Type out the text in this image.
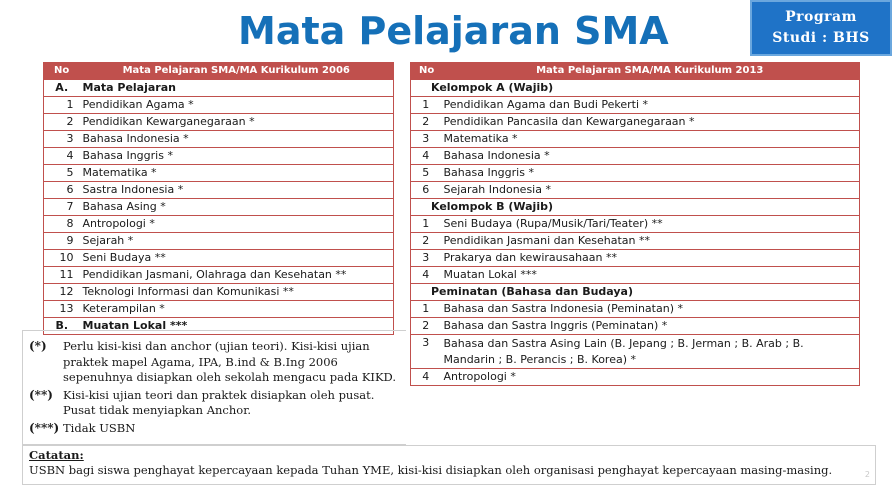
Mata Pelajaran SMA	Program
Studi : BHS
No	Mata Pelajaran SMA/MA Kurikulum 2006
A.	Mata Pelajaran
1	Pendidikan Agama *
2	Pendidikan Kewarganegaraan *
3	Bahasa Indonesia *
4	Bahasa Inggris *
5	Matematika *
6	Sastra Indonesia *
7	Bahasa Asing *
8	Antropologi *
9	Sejarah *
10	Seni Budaya **
11	Pendidikan Jasmani, Olahraga dan Kesehatan **
12	Teknologi Informasi dan Komunikasi **
13	Keterampilan *
B.	Muatan Lokal ***
No	Mata Pelajaran SMA/MA Kurikulum 2013
Kelompok A (Wajib)	
1	Pendidikan Agama dan Budi Pekerti *
2	Pendidikan Pancasila dan Kewarganegaraan *
3	Matematika *
4	Bahasa Indonesia *
5	Bahasa Inggris *
6	Sejarah Indonesia *
Kelompok B (Wajib)	
1	Seni Budaya (Rupa/Musik/Tari/Teater) **
2	Pendidikan Jasmani dan Kesehatan **
3	Prakarya dan kewirausahaan **
4	Muatan Lokal ***
Peminatan (Bahasa dan Budaya)	
1	Bahasa dan Sastra Indonesia (Peminatan) *
2	Bahasa dan Sastra Inggris (Peminatan) *
3	Bahasa dan Sastra Asing Lain (B. Jepang ; B. Jerman ; B. Arab ; B. Mandarin ; B. Perancis ; B. Korea) *
4	Antropologi *
(*)	Perlu kisi-kisi dan anchor (ujian teori). Kisi-kisi ujian praktek mapel Agama, IPA, B.ind & B.Ing 2006 sepenuhnya disiapkan oleh sekolah mengacu pada KIKD.
(**) Kisi-kisi ujian teori dan praktek disiapkan oleh pusat. Pusat tidak menyiapkan Anchor.
(***) Tidak USBN
Catatan:
USBN bagi siswa penghayat kepercayaan kepada Tuhan YME, kisi-kisi disiapkan oleh organisasi penghayat kepercayaan masing-masing.	2
